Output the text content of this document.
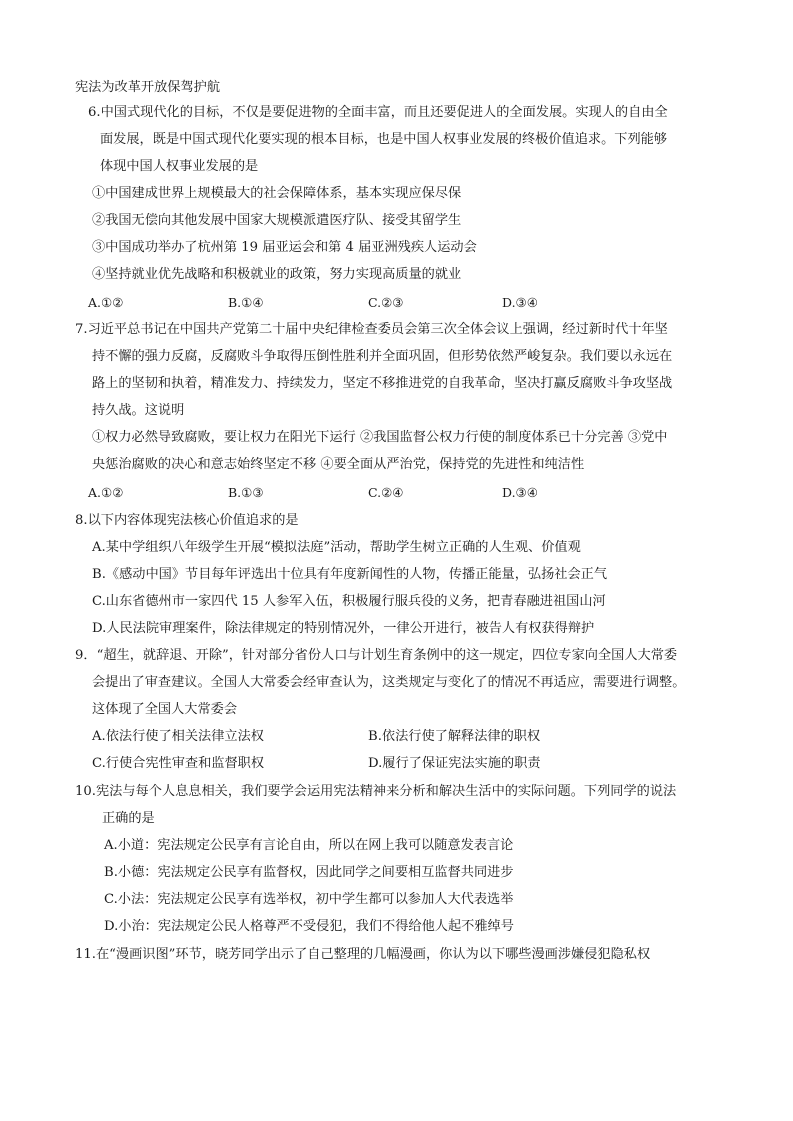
宪法为改革开放保驾护航
6.中国式现代化的目标，不仅是要促进物的全面丰富，而且还要促进人的全面发展。实现人的自由全
面发展，既是中国式现代化要实现的根本目标，也是中国人权事业发展的终极价值追求。下列能够
体现中国人权事业发展的是
①中国建成世界上规模最大的社会保障体系，基本实现应保尽保
②我国无偿向其他发展中国家大规模派遣医疗队、接受其留学生
③中国成功举办了杭州第 19 届亚运会和第 4 届亚洲残疾人运动会
④坚持就业优先战略和积极就业的政策，努力实现高质量的就业
A.①②	B.①④	C.②③	D.③④
7.习近平总书记在中国共产党第二十届中央纪律检查委员会第三次全体会议上强调，经过新时代十年坚
持不懈的强力反腐，反腐败斗争取得压倒性胜利并全面巩固，但形势依然严峻复杂。我们要以永远在
路上的坚韧和执着，精准发力、持续发力，坚定不移推进党的自我革命，坚决打赢反腐败斗争攻坚战
持久战。这说明
①权力必然导致腐败，要让权力在阳光下运行 ②我国监督公权力行使的制度体系已十分完善 ③党中
央惩治腐败的决心和意志始终坚定不移 ④要全面从严治党，保持党的先进性和纯洁性
A.①②	B.①③	C.②④	D.③④
8.以下内容体现宪法核心价值追求的是
A.某中学组织八年级学生开展“模拟法庭”活动，帮助学生树立正确的人生观、价值观
B.《感动中国》节目每年评选出十位具有年度新闻性的人物，传播正能量，弘扬社会正气
C.山东省德州市一家四代 15 人参军入伍，积极履行服兵役的义务，把青春融进祖国山河
D.人民法院审理案件，除法律规定的特别情况外，一律公开进行，被告人有权获得辩护
9．“超生，就辞退、开除”，针对部分省份人口与计划生育条例中的这一规定，四位专家向全国人大常委
会提出了审查建议。全国人大常委会经审查认为，这类规定与变化了的情况不再适应，需要进行调整。
这体现了全国人大常委会
A.依法行使了相关法律立法权	B.依法行使了解释法律的职权
C.行使合宪性审查和监督职权	D.履行了保证宪法实施的职责
10.宪法与每个人息息相关，我们要学会运用宪法精神来分析和解决生活中的实际问题。下列同学的说法
正确的是
A.小道：宪法规定公民享有言论自由，所以在网上我可以随意发表言论
B.小德：宪法规定公民享有监督权，因此同学之间要相互监督共同进步
C.小法：宪法规定公民享有选举权，初中学生都可以参加人大代表选举
D.小治：宪法规定公民人格尊严不受侵犯，我们不得给他人起不雅绰号
11.在“漫画识图”环节，晓芳同学出示了自己整理的几幅漫画，你认为以下哪些漫画涉嫌侵犯隐私权
